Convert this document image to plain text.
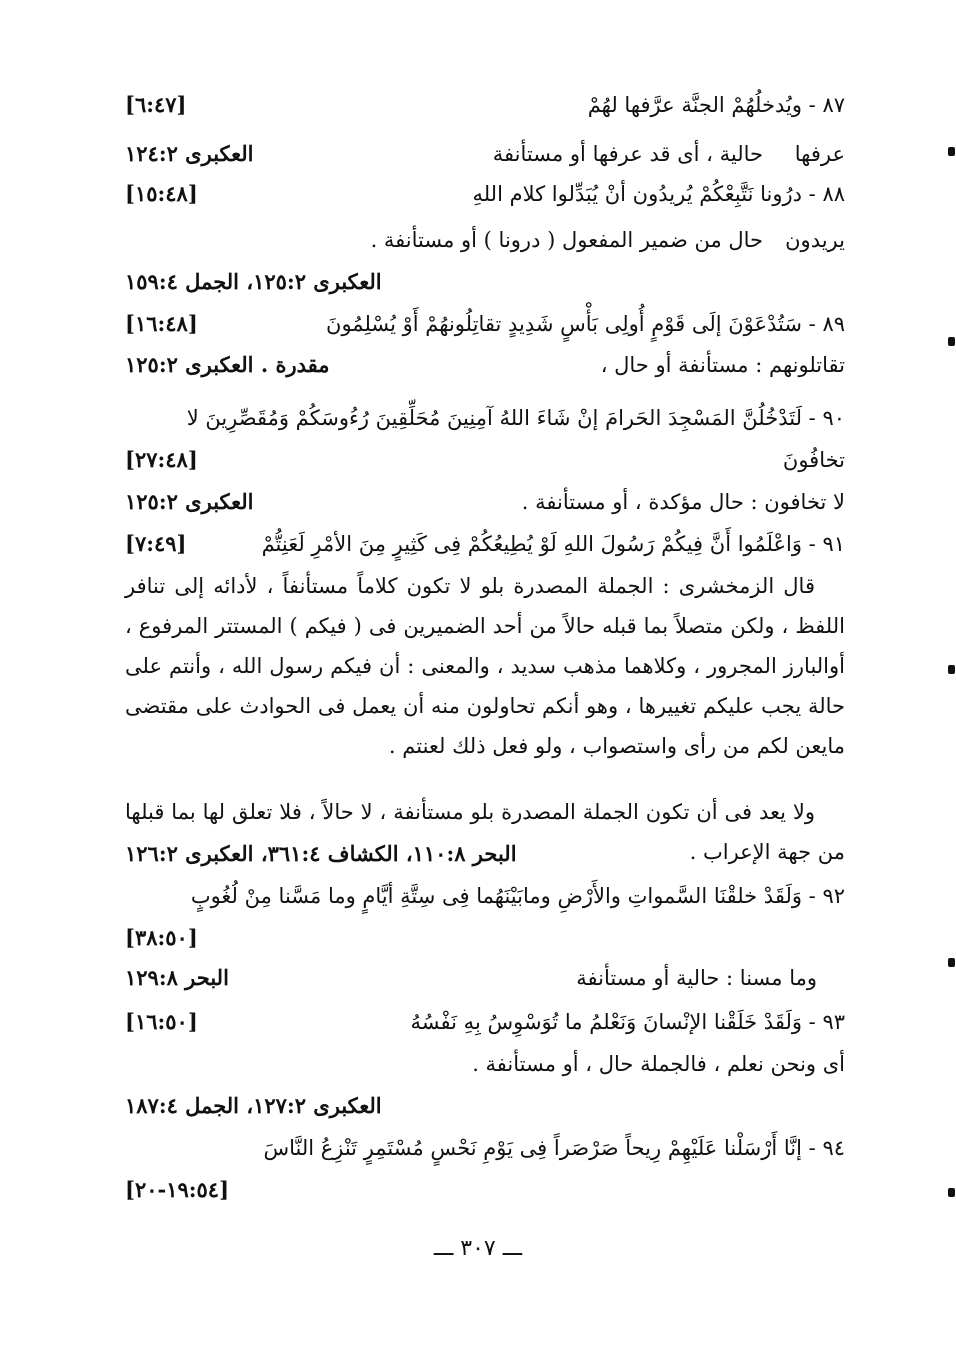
٨٧ - ويُدخلُهُمْ الجنَّة عرَّفها لهُمْ
[٦:٤٧]
عرفها
حالية ، أى قد عرفها أو مستأنفة
العكبرى ١٢٤:٢
٨٨ - درُونا نَتَّبِعْكُمْ يُريدُون أنْ يُبَدِّلوا كلام اللهِ
[١٥:٤٨]
يريدون
حال من ضمير المفعول ( درونا ) أو مستأنفة .
العكبرى ١٢٥:٢، الجمل ١٥٩:٤
٨٩ - سَتُدْعَوْنَ إلَى قَوْمٍ أُولِى بَأْسٍ شَدِيدٍ تقاتِلُونهُمْ أَوْ يُسْلِمُونَ
[١٦:٤٨]
تقاتلونهم : مستأنفة أو حال ،
مقدرة . العكبرى ١٢٥:٢
٩٠ - لَتَدْخُلُنَّ المَسْجِدَ الحَرامَ إنْ شَاءَ اللهُ آمِنِينَ مُحَلِّقِينَ رُءُوسَكُمْ وَمُقَصِّرِينَ لا
تخافُونَ
[٢٧:٤٨]
لا تخافون : حال مؤكدة ، أو مستأنفة .
العكبرى ١٢٥:٢
٩١ - وَاعْلَمُوا أَنَّ فِيكُمْ رَسُولَ اللهِ لَوْ يُطِيعُكُمْ فِى كَثِيرٍ مِنَ الأمْرِ لَعَنِتُّمْ
[٧:٤٩]
قال الزمخشرى : الجملة المصدرة بلو لا تكون كلاماً مستأنفاً ، لأدائه إلى تنافر اللفظ ، ولكن متصلاً بما قبله حالاً من أحد الضميرين فى ( فيكم ) المستتر المرفوع ، أوالبارز المجرور ، وكلاهما مذهب سديد ، والمعنى : أن فيكم رسول الله ، وأنتم على حالة يجب عليكم تغييرها ، وهو أنكم تحاولون منه أن يعمل فى الحوادث على مقتضى مايعن لكم من رأى واستصواب ، ولو فعل ذلك لعنتم .
ولا يعد فى أن تكون الجملة المصدرة بلو مستأنفة ، لا حالاً ، فلا تعلق لها بما قبلها من جهة الإعراب .
البحر ١١٠:٨، الكشاف ٣٦١:٤، العكبرى ١٢٦:٢
٩٢ - وَلَقَدْ خلقْنَا السَّمواتِ والأَرْضِ ومابَيْنَهُما فِى سِتَّةِ أيَّامٍ وما مَسَّنا مِنْ لُغُوبٍ
[٣٨:٥٠]
وما مسنا : حالية أو مستأنفة
البحر ١٢٩:٨
٩٣ - وَلَقَدْ خَلَقْنا الإنْسانَ وَنَعْلمُ ما تُوَسْوِسُ بِهِ نَفْسُهُ
[١٦:٥٠]
أى ونحن نعلم ، فالجملة حال ، أو مستأنفة .
العكبرى ١٢٧:٢، الجمل ١٨٧:٤
٩٤ - إنَّا أَرْسَلْنا عَلَيْهِمْ رِيحاً صَرْصَراً فِى يَوْمِ نَحْسٍ مُسْتَمِرٍ تَنْزِعُ النَّاسَ
[١٩:٥٤-٢٠]
ـــ ٣٠٧ ـــ
